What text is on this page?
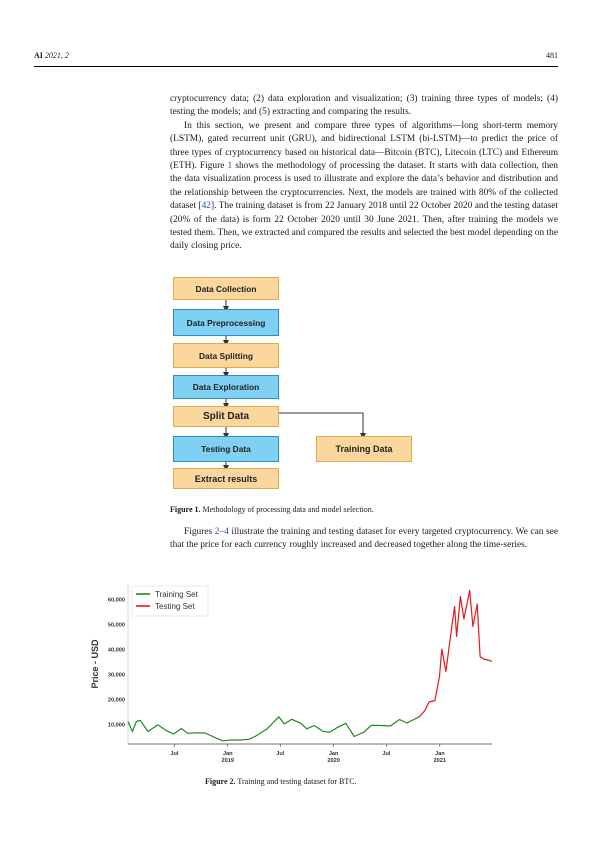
AI 2021, 2	481

cryptocurrency data; (2) data exploration and visualization; (3) training three types of models; (4) testing the models; and (5) extracting and comparing the results.

In this section, we present and compare three types of algorithms—long short-term memory (LSTM), gated recurrent unit (GRU), and bidirectional LSTM (bi-LSTM)—to predict the price of three types of cryptocurrency based on historical data—Bitcoin (BTC), Litecoin (LTC) and Ethereum (ETH). Figure 1 shows the methodology of processing the dataset. It starts with data collection, then the data visualization process is used to illustrate and explore the data’s behavior and distribution and the relationship between the cryptocurrencies. Next, the models are trained with 80% of the collected dataset [42]. The training dataset is from 22 January 2018 until 22 October 2020 and the testing dataset (20% of the data) is form 22 October 2020 until 30 June 2021. Then, after training the models we tested them. Then, we extracted and compared the results and selected the best model depending on the daily closing price.

Data Collection
Data Preprocessing
Data Splitting
Data Exploration
Split Data
Testing Data	Training Data
Extract results
Figure 1. Methodology of processing data and model selection.

Figures 2–4 illustrate the training and testing dataset for every targeted cryptocurrency. We can see that the price for each currency roughly increased and decreased together along the time-series.

10,000
20,000
30,000
40,000
50,000
60,000
Jul	Jan
2019
Jul	Jan
2020
Jul	Jan
2021
Price - USD
Training Set
Testing Set
Figure 2. Training and testing dataset for BTC.
